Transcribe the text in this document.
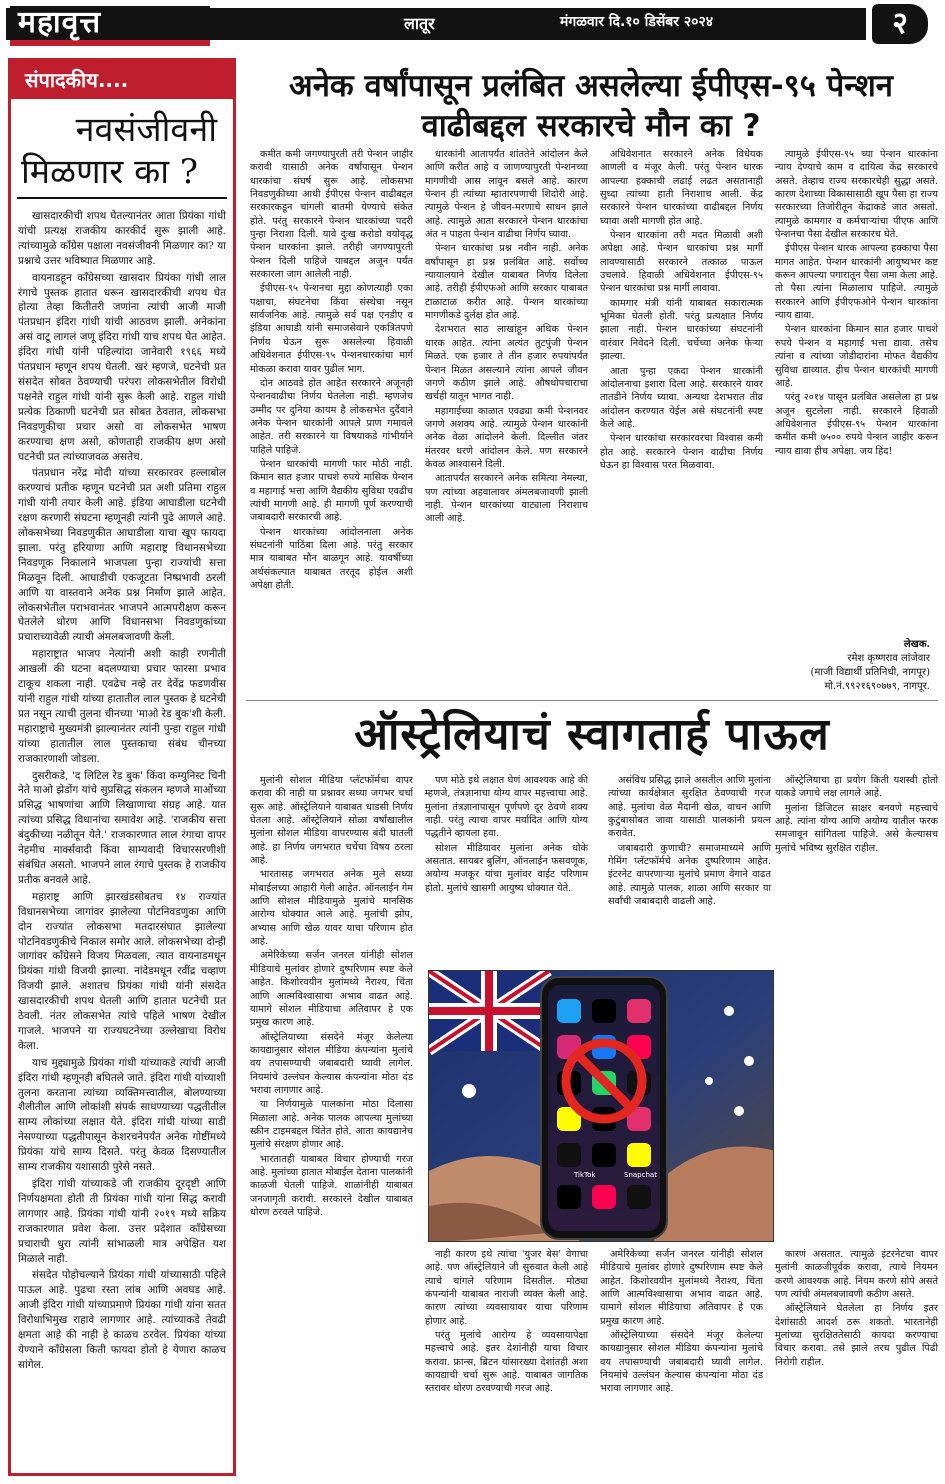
महावृत्त	लातूर	मंगळवार दि.१० डिसेंबर २०२४	२
संपादकीय....
नवसंजीवनी
मिळणार का ?

खासदारकीची शपथ घेतल्यानंतर आता प्रियंका गांधी यांची प्रत्यक्ष राजकीय कारकीर्द सुरू झाली आहे. त्यांच्यामुळे काँग्रेस पक्षाला नवसंजीवनी मिळणार का? या प्रश्नाचे उत्तर भविष्यात मिळणार आहे.

वायनाडहून काँग्रेसच्या खासदार प्रियंका गांधी लाल रंगाचे पुस्तक हातात धरून खासदारकीची शपथ घेत होत्या तेव्हा कितीतरी जणांना त्यांची आजी माजी पंतप्रधान इंदिरा गांधी यांची आठवण झाली. अनेकांना असं वाटू लागलं जणू इंदिरा गांधी याच शपथ घेत आहेत. इंदिरा गांधी यांनी पहिल्यांदा जानेवारी १९६६ मध्ये पंतप्रधान म्हणून शपथ घेतली. खरं म्हणजे, घटनेची प्रत संसदेत सोबत ठेवण्याची परंपरा लोकसभेतील विरोधी पक्षनेते राहुल गांधी यांनी सुरू केली आहे. राहुल गांधी प्रत्येक ठिकाणी घटनेची प्रत सोबत ठेवतात, लोकसभा निवडणुकीचा प्रचार असो वा लोकसभेत भाषण करण्याचा क्षण असो, कोणताही राजकीय क्षण असो घटनेची प्रत त्यांच्याजवळ असतेच.

पंतप्रधान नरेंद्र मोदी यांच्या सरकारवर हल्लाबोल करण्याचं प्रतीक म्हणून घटनेची प्रत अशी प्रतिमा राहुल गांधी यांनी तयार केली आहे. इंडिया आघाडीला घटनेची रक्षण करणारी संघटना म्हणूनही त्यांनी पुढे आणले आहे. लोकसभेच्या निवडणुकीत आघाडीला याचा खूप फायदा झाला. परंतु हरियाणा आणि महाराष्ट्र विधानसभेच्या निवडणूक निकालाने भाजपला पुन्हा राज्यांची सत्ता मिळवून दिली. आघाडीची एकजूटता निष्प्रभावी ठरली आणि या वास्तवाने अनेक प्रश्न निर्माण झाले आहेत. लोकसभेतील पराभवानंतर भाजपने आत्मपरीक्षण करून घेतलेले धोरण आणि विधानसभा निवडणुकांच्या प्रचाराच्यावेळी त्याची अंमलबजावणी केली.

महाराष्ट्रात भाजप नेत्यांनी अशी काही रणनीती आखली की घटना बदलण्याचा प्रचार फारसा प्रभाव टाकूच शकला नाही. एवढेच नव्हे तर देवेंद्र फडणवीस यांनी राहुल गांधी यांच्या हातातील लाल पुस्तक हे घटनेची प्रत नसून त्याची तुलना चीनच्या 'माओ रेड बुक'शी केली. महाराष्ट्राचे मुख्यमंत्री झाल्यानंतर त्यांनी पुन्हा राहुल गांधी यांच्या हातातील लाल पुस्तकाचा संबंध चीनच्या राजकारणाशी जोडला.

दुसरीकडे, 'द लिटिल रेड बुक' किंवा कम्युनिस्ट चिनी नेते माओ झेडोंग यांचे सुप्रसिद्ध संकलन म्हणजे माओंच्या प्रसिद्ध भाषणांचा आणि लिखाणाचा संग्रह आहे. यात त्यांच्या प्रसिद्ध विधानांचा समावेश आहे. 'राजकीय सत्ता बंदुकीच्या नळीतून येते.' राजकारणात लाल रंगाचा वापर नेहमीच मार्क्सवादी किंवा साम्यवादी विचारसरणीशी संबंधित असतो. भाजपने लाल रंगाचे पुस्तक हे राजकीय प्रतीक बनवले आहे.

महाराष्ट्र आणि झारखंडसोबतच १४ राज्यांत विधानसभेच्या जागांवर झालेल्या पोटनिवडणुका आणि दोन राज्यांत लोकसभा मतदारसंघात झालेल्या पोटनिवडणुकीचे निकाल समोर आले. लोकसभेच्या दोन्ही जागांवर काँग्रेसने विजय मिळवला, त्यात वायनाडमधून प्रियंका गांधी विजयी झाल्या. नांदेडमधून रवींद्र चव्हाण विजयी झाले. अशातच प्रियंका गांधी यांनी संसदेत खासदारकीची शपथ घेतली आणि हातात घटनेची प्रत ठेवली. नंतर लोकसभेत त्यांचे पहिले भाषण देखील गाजले. भाजपने या राज्यघटनेच्या उल्लेखाचा विरोध केला.

याच मुद्द्यामुळे प्रियंका गांधी यांच्याकडे त्यांची आजी इंदिरा गांधी म्हणूनही बघितले जाते. इंदिरा गांधी यांच्याशी तुलना करताना त्यांच्या व्यक्तिमत्त्वातील, बोलण्याच्या शैलीतील आणि लोकांशी संपर्क साधण्याच्या पद्धतीतील साम्य लोकांच्या लक्षात येते. इंदिरा गांधी यांच्या साडी नेसण्याच्या पद्धतीपासून केशरचनेपर्यंत अनेक गोष्टींमध्ये प्रियंका यांचे साम्य दिसते. परंतु केवळ दिसण्यातील साम्य राजकीय यशासाठी पुरेसे नसते.

इंदिरा गांधी यांच्याकडे जी राजकीय दूरदृष्टी आणि निर्णयक्षमता होती ती प्रियंका गांधी यांना सिद्ध करावी लागणार आहे. प्रियंका गांधी यांनी २०१९ मध्ये सक्रिय राजकारणात प्रवेश केला. उत्तर प्रदेशात काँग्रेसच्या प्रचाराची धुरा त्यांनी सांभाळली मात्र अपेक्षित यश मिळाले नाही.

संसदेत पोहोचल्याने प्रियंका गांधी यांच्यासाठी पहिले पाऊल आहे. पुढचा रस्ता लांब आणि अवघड आहे. आजी इंदिरा गांधी यांच्याप्रमाणे प्रियंका गांधी यांना सतत विरोधाभिमुख राहावे लागणार आहे. त्यांच्याकडे तेवढी क्षमता आहे की नाही हे काळच ठरवेल. प्रियंका यांच्या येण्याने काँग्रेसला किती फायदा होतो हे येणारा काळच सांगेल.

अनेक वर्षांपासून प्रलंबित असलेल्या ईपीएस-९५ पेन्शन वाढीबद्दल सरकारचे मौन का ?

कमीत कमी जगण्यापुरती तरी पेन्शन जाहीर करावी यासाठी अनेक वर्षांपासून पेन्शन धारकांचा संघर्ष सुरू आहे. लोकसभा निवडणुकीच्या आधी ईपीएस पेन्शन वाढीबद्दल सरकारकडून चांगली बातमी येण्याचे संकेत होते. परंतु सरकारने पेन्शन धारकांच्या पदरी पुन्हा निराशा दिली. यावे दुःख करोडो वयोवृद्ध पेन्शन धारकांना झाले. तरीही जगण्यापुरती पेन्शन दिली पाहिजे याबद्दल अजून पर्यंत सरकारला जाग आलेली नाही.

ईपीएस-९५ पेन्शनचा मुद्दा कोणत्याही एका पक्षाचा, संघटनेचा किंवा संस्थेचा नसून सार्वजनिक आहे. त्यामुळे सर्व पक्ष एनडीए व इंडिया आघाडी यांनी समाजसेवाने एकत्रितपणे निर्णय घेऊन सुरू असलेल्या हिवाळी अधिवेशनात ईपीएस-९५ पेन्शनधारकांचा मार्ग मोकळा करावा यावर पुढील भाग.

दोन आठवडे होत आहेत सरकारने अजूनही पेन्शनवाढीचा निर्णय घेतलेला नाही. म्हणजेच उम्मीद पर दुनिया कायम है लोकसभेत दुर्दैवाने अनेक पेन्शन धारकांनी आपले प्राण गमावले आहेत. तरी सरकारने या विषयाकडे गांभीर्याने पाहिले पाहिजे.

पेन्शन धारकांची मागणी फार मोठी नाही. किमान सात हजार पाचशे रुपये मासिक पेन्शन व महागाई भत्ता आणि वैद्यकीय सुविधा एवढीच त्यांची मागणी आहे. ही मागणी पूर्ण करण्याची जबाबदारी सरकारची आहे.

पेन्शन धारकांच्या आंदोलनाला अनेक संघटनांनी पाठिंबा दिला आहे. परंतु सरकार मात्र याबाबत मौन बाळगून आहे. यावर्षीच्या अर्थसंकल्पात याबाबत तरतूद होईल अशी अपेक्षा होती.

धारकांनी आतापर्यंत शांततेने आंदोलन केले आणि करीत आहे व जाणण्यापुरती पेन्शनच्या मागणीची आस लावून बसले आहे. कारण पेन्शन ही त्यांच्या म्हातारपणाची शिदोरी आहे. त्यामुळे पेन्शन हे जीवन-मरणाचे साधन झाले आहे. त्यामुळे आता सरकारने पेन्शन धारकांचा अंत न पाहता पेन्शन वाढीचा निर्णय घ्यावा.

पेन्शन धारकांचा प्रश्न नवीन नाही. अनेक वर्षांपासून हा प्रश्न प्रलंबित आहे. सर्वोच्च न्यायालयाने देखील याबाबत निर्णय दिलेला आहे. तरीही ईपीएफओ आणि सरकार याबाबत टाळाटाळ करीत आहे. पेन्शन धारकांच्या मागणीकडे दुर्लक्ष होत आहे.

देशभरात साठ लाखांहून अधिक पेन्शन धारक आहेत. त्यांना अत्यंत तुटपुंजी पेन्शन मिळते. एक हजार ते तीन हजार रुपयांपर्यंत पेन्शन मिळत असल्याने त्यांना आपले जीवन जगणे कठीण झाले आहे. औषधोपचाराचा खर्चही यातून भागत नाही.

महागाईच्या काळात एवढ्या कमी पेन्शनवर जगणे अशक्य आहे. त्यामुळे पेन्शन धारकांनी अनेक वेळा आंदोलने केली. दिल्लीत जंतर मंतरवर धरणे आंदोलन केले. पण सरकारने केवळ आश्वासने दिली.

आतापर्यंत सरकारने अनेक समित्या नेमल्या, पण त्यांच्या अहवालावर अंमलबजावणी झाली नाही. पेन्शन धारकांच्या वाट्याला निराशाच आली आहे.

अधिवेशनात सरकारने अनेक विधेयक आणली व मंजूर केली. परंतु पेन्शन धारक आपल्या हक्काची लढाई लढत असतानाही सुध्दा त्यांच्या हाती निराशाच आली. केंद्र सरकारने पेन्शन धारकांच्या वाढीबद्दल निर्णय घ्यावा अशी मागणी होत आहे.

पेन्शन धारकांना तरी मदत मिळावी अशी अपेक्षा आहे. पेन्शन धारकांचा प्रश्न मार्गी लावण्यासाठी सरकारने तत्काळ पाऊल उचलावे. हिवाळी अधिवेशनात ईपीएस-९५ पेन्शन धारकांचा प्रश्न मार्गी लावावा.

कामगार मंत्री यांनी याबाबत सकारात्मक भूमिका घेतली होती. परंतु प्रत्यक्षात निर्णय झाला नाही. पेन्शन धारकांच्या संघटनांनी वारंवार निवेदने दिली. चर्चेच्या अनेक फेऱ्या झाल्या.

आता पुन्हा एकदा पेन्शन धारकांनी आंदोलनाचा इशारा दिला आहे. सरकारने यावर तातडीने निर्णय घ्यावा. अन्यथा देशभरात तीव्र आंदोलन करण्यात येईल असे संघटनांनी स्पष्ट केले आहे.

पेन्शन धारकांचा सरकारवरचा विश्वास कमी होत आहे. सरकारने पेन्शन वाढीचा निर्णय घेऊन हा विश्वास परत मिळवावा.

त्यामुळे ईपीएस-९५ च्या पेन्शन धारकांना न्याय देण्याचे काम व दायित्व केंद्र सरकारचे असते. तेव्हाच राज्य सरकारचेही सुद्धा असते. कारण देशाच्या विकासासाठी खूप पैसा हा राज्य सरकारच्या तिजोरीतून केंद्राकडे जात असतो. त्यामुळे कामगार व कर्मचाऱ्यांचा पीएफ आणि पेन्शनचा पैसा देखील सरकारच घेते.

ईपीएस पेन्शन धारक आपल्या हक्काचा पैसा मागत आहेत. पेन्शन धारकांनी आयुष्यभर कष्ट करून आपल्या पगारातून पैसा जमा केला आहे. तो पैसा त्यांना मिळालाच पाहिजे. त्यामुळे सरकारने आणि ईपीएफओने पेन्शन धारकांना न्याय द्यावा.

पेन्शन धारकांना किमान सात हजार पाचशे रुपये पेन्शन व महागाई भत्ता द्यावा. तसेच त्यांना व त्यांच्या जोडीदारांना मोफत वैद्यकीय सुविधा द्याव्यात. हीच पेन्शन धारकांची मागणी आहे.

परंतु २०१४ पासून प्रलंबित असलेला हा प्रश्न अजून सुटलेला नाही. सरकारने हिवाळी अधिवेशनात ईपीएस-९५ पेन्शन धारकांना कमीत कमी ७५०० रुपये पेन्शन जाहीर करून न्याय द्यावा हीच अपेक्षा. जय हिंद!

लेखक.
रमेश कृष्णराव लांजेवार
(माजी विद्यार्थी प्रतिनिधी, नागपूर)
मो.नं.९९२१६९०७७९, नागपूर.
ऑस्ट्रेलियाचं स्वागतार्ह पाऊल

मुलांनी सोशल मीडिया प्लॅटफॉर्मचा वापर करावा की नाही या प्रश्नावर सध्या जगभर चर्चा सुरू आहे. ऑस्ट्रेलियाने याबाबत धाडसी निर्णय घेतला आहे. ऑस्ट्रेलियाने सोळा वर्षांखालील मुलांना सोशल मीडिया वापरण्यास बंदी घातली आहे. हा निर्णय जगभरात चर्चेचा विषय ठरला आहे.

भारतासह जगभरात अनेक मुले सध्या मोबाईलच्या आहारी गेली आहेत. ऑनलाईन गेम आणि सोशल मीडियामुळे मुलांचे मानसिक आरोग्य धोक्यात आले आहे. मुलांची झोप, अभ्यास आणि खेळ यावर याचा परिणाम होत आहे.

अमेरिकेच्या सर्जन जनरल यांनीही सोशल मीडियाचे मुलांवर होणारे दुष्परिणाम स्पष्ट केले आहेत. किशोरवयीन मुलांमध्ये नैराश्य, चिंता आणि आत्मविश्वासाचा अभाव वाढत आहे. यामागे सोशल मीडियाचा अतिवापर हे एक प्रमुख कारण आहे.

ऑस्ट्रेलियाच्या संसदेने मंजूर केलेल्या कायद्यानुसार सोशल मीडिया कंपन्यांना मुलांचे वय तपासण्याची जबाबदारी घ्यावी लागेल. नियमांचे उल्लंघन केल्यास कंपन्यांना मोठा दंड भरावा लागणार आहे.

या निर्णयामुळे पालकांना मोठा दिलासा मिळाला आहे. अनेक पालक आपल्या मुलांच्या स्क्रीन टाइमबद्दल चिंतेत होते. आता कायद्यानेच मुलांचे संरक्षण होणार आहे.

भारतातही याबाबत विचार होण्याची गरज आहे. मुलांच्या हातात मोबाईल देताना पालकांनी काळजी घेतली पाहिजे. शाळांनीही याबाबत जनजागृती करावी. सरकारने देखील याबाबत धोरण ठरवले पाहिजे.

पण मोठे इथे लक्षात घेणं आवश्यक आहे की म्हणजे, तंत्रज्ञानाचा योग्य वापर महत्त्वाचा आहे. मुलांना तंत्रज्ञानापासून पूर्णपणे दूर ठेवणे शक्य नाही. परंतु त्याचा वापर मर्यादित आणि योग्य पद्धतीने व्हायला हवा.

सोशल मीडियावर मुलांना अनेक धोके असतात. सायबर बुलिंग, ऑनलाईन फसवणूक, अयोग्य मजकूर यांचा मुलांवर वाईट परिणाम होतो. मुलांचे खासगी आयुष्य धोक्यात येते.

असंविध प्रसिद्ध झाले असतील आणि मुलांना त्यांच्या कार्यक्षेत्रात सुरक्षित ठेवण्याची गरज आहे. मुलांचा वेळ मैदानी खेळ, वाचन आणि कुटुंबासोबत जावा यासाठी पालकांनी प्रयत्न करावेत.

जबाबदारी कुणाची? समाजमाध्यमे आणि गेमिंग प्लॅटफॉर्मचे अनेक दुष्परिणाम आहेत. इंटरनेट वापरणाऱ्या मुलांचे प्रमाण वेगाने वाढत आहे. त्यामुळे पालक, शाळा आणि सरकार या सर्वांची जबाबदारी वाढली आहे.

ऑस्ट्रेलियाचा हा प्रयोग किती यशस्वी होतो याकडे जगाचे लक्ष लागले आहे.

मुलांना डिजिटल साक्षर बनवणे महत्त्वाचे आहे. त्यांना योग्य आणि अयोग्य यातील फरक समजावून सांगितला पाहिजे. असे केल्यासच मुलांचे भविष्य सुरक्षित राहील.

नाही कारण इथे त्यांचा 'युजर बेस' वेगाचा आहे. पण ऑस्ट्रेलियाने जी सुरुवात केली आहे त्याचे चांगले परिणाम दिसतील. मोठ्या कंपन्यांनी याबाबत नाराजी व्यक्त केली आहे. कारण त्यांच्या व्यवसायावर याचा परिणाम होणार आहे.

परंतु मुलांचे आरोग्य हे व्यवसायापेक्षा महत्त्वाचे आहे. इतर देशांनीही याचा विचार करावा. फ्रान्स, ब्रिटन यांसारख्या देशांतही अशा कायद्याची चर्चा सुरू आहे. याबाबत जागतिक स्तरावर धोरण ठरवण्याची गरज आहे.

अमेरिकेच्या सर्जन जनरल यांनीही सोशल मीडियाचे मुलांवर होणारे दुष्परिणाम स्पष्ट केले आहेत. किशोरवयीन मुलांमध्ये नैराश्य, चिंता आणि आत्मविश्वासाचा अभाव वाढत आहे. यामागे सोशल मीडियाचा अतिवापर हे एक प्रमुख कारण आहे.

ऑस्ट्रेलियाच्या संसदेने मंजूर केलेल्या कायद्यानुसार सोशल मीडिया कंपन्यांना मुलांचे वय तपासण्याची जबाबदारी घ्यावी लागेल. नियमांचे उल्लंघन केल्यास कंपन्यांना मोठा दंड भरावा लागणार आहे.

कारणं असतात. त्यामुळे इंटरनेटचा वापर मुलांनी काळजीपूर्वक करावा, त्याचे नियमन करणे आवश्यक आहे. नियम करणे सोपे असते पण त्यांची अंमलबजावणी कठीण असते.

ऑस्ट्रेलियाने घेतलेला हा निर्णय इतर देशांसाठी आदर्श ठरू शकतो. भारतानेही मुलांच्या सुरक्षिततेसाठी कायदा करण्याचा विचार करावा. तसे झाले तरच पुढील पिढी निरोगी राहील.

TikTok	Snapchat
